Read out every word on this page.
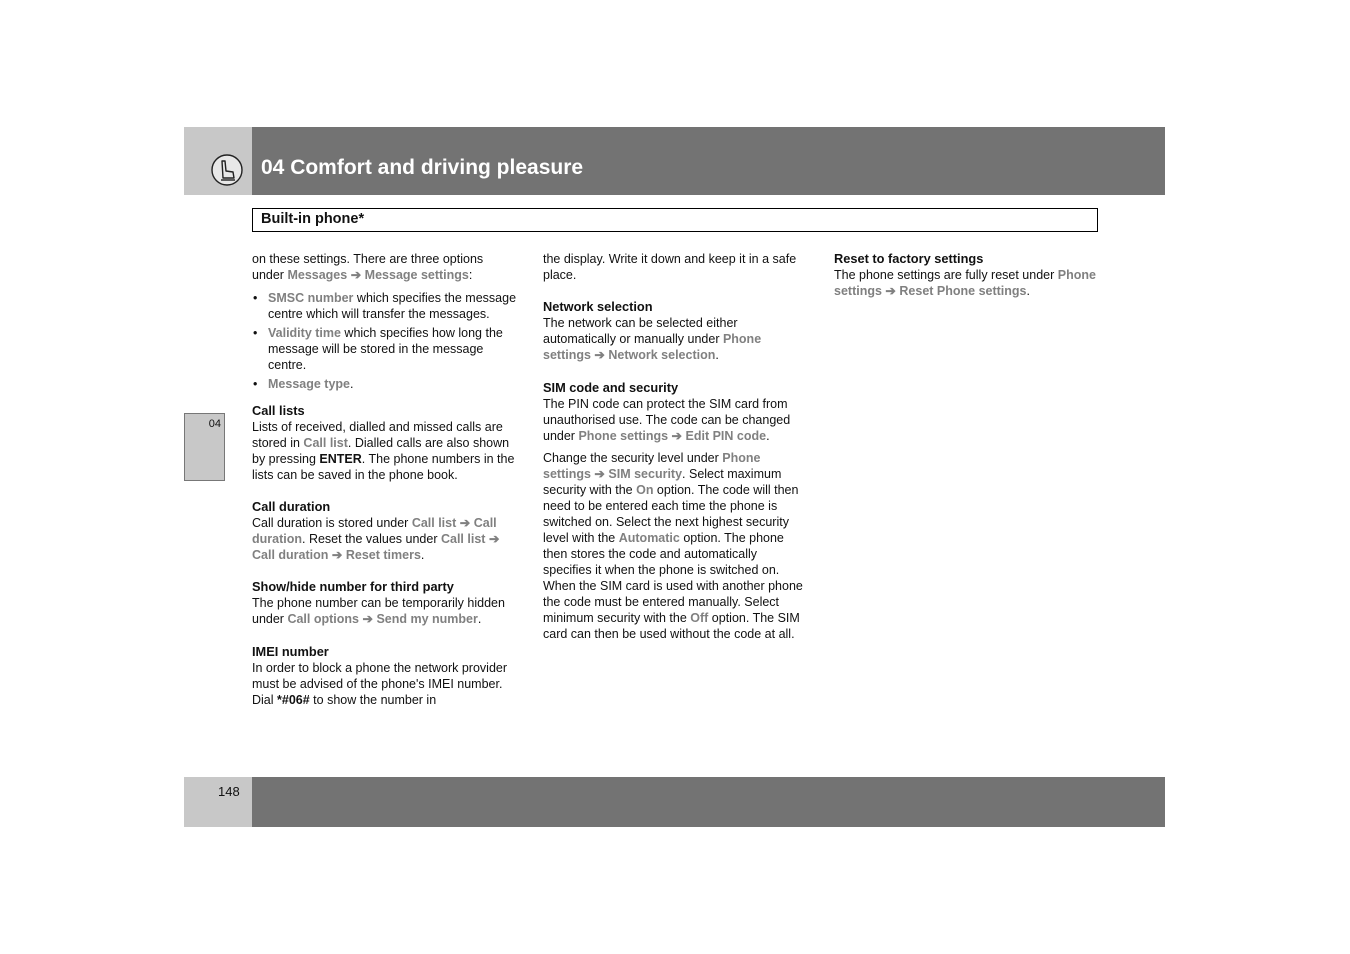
04 Comfort and driving pleasure
Built-in phone*
04

on these settings. There are three options under Messages ➔ Message settings:

• SMSC number which specifies the message centre which will transfer the messages.
• Validity time which specifies how long the message will be stored in the message centre.
• Message type.
Call lists

Lists of received, dialled and missed calls are stored in Call list. Dialled calls are also shown by pressing ENTER. The phone numbers in the lists can be saved in the phone book.

Call duration

Call duration is stored under Call list ➔ Call duration. Reset the values under Call list ➔ Call duration ➔ Reset timers.

Show/hide number for third party

The phone number can be temporarily hidden under Call options ➔ Send my number.

IMEI number

In order to block a phone the network provider must be advised of the phone's IMEI number. Dial *#06# to show the number in

the display. Write it down and keep it in a safe place.

Network selection

The network can be selected either automatically or manually under Phone settings ➔ Network selection.

SIM code and security

The PIN code can protect the SIM card from unauthorised use. The code can be changed under Phone settings ➔ Edit PIN code.

Change the security level under Phone settings ➔ SIM security. Select maximum security with the On option. The code will then need to be entered each time the phone is switched on. Select the next highest security level with the Automatic option. The phone then stores the code and automatically specifies it when the phone is switched on. When the SIM card is used with another phone the code must be entered manually. Select minimum security with the Off option. The SIM card can then be used without the code at all.

Reset to factory settings

The phone settings are fully reset under Phone settings ➔ Reset Phone settings.

148
